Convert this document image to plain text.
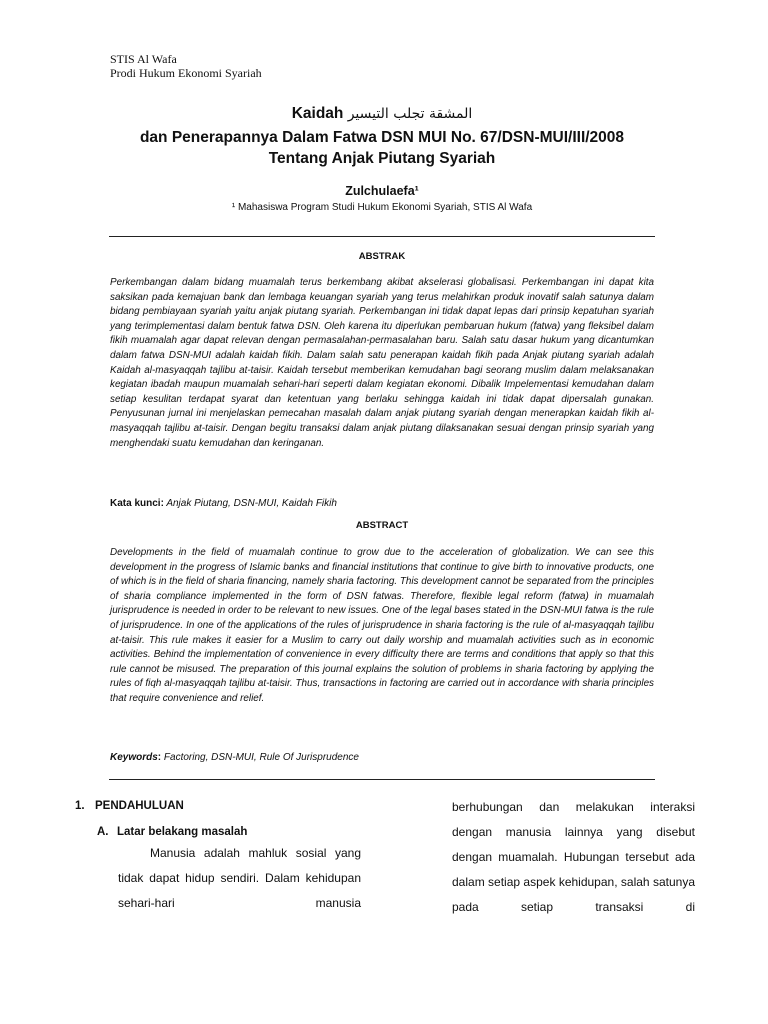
STIS Al Wafa
Prodi Hukum Ekonomi Syariah
Kaidah المشقة تجلب التيسير
dan Penerapannya Dalam Fatwa DSN MUI No. 67/DSN-MUI/III/2008
Tentang Anjak Piutang Syariah
Zulchulaefa¹
¹ Mahasiswa Program Studi Hukum Ekonomi Syariah, STIS Al Wafa
ABSTRAK
Perkembangan dalam bidang muamalah terus berkembang akibat akselerasi globalisasi. Perkembangan ini dapat kita saksikan pada kemajuan bank dan lembaga keuangan syariah yang terus melahirkan produk inovatif salah satunya dalam bidang pembiayaan syariah yaitu anjak piutang syariah. Perkembangan ini tidak dapat lepas dari prinsip kepatuhan syariah yang terimplementasi dalam bentuk fatwa DSN. Oleh karena itu diperlukan pembaruan hukum (fatwa) yang fleksibel dalam fikih muamalah agar dapat relevan dengan permasalahan-permasalahan baru. Salah satu dasar hukum yang dicantumkan dalam fatwa DSN-MUI adalah kaidah fikih. Dalam salah satu penerapan kaidah fikih pada Anjak piutang syariah adalah Kaidah al-masyaqqah tajlibu at-taisir. Kaidah tersebut memberikan kemudahan bagi seorang muslim dalam melaksanakan kegiatan ibadah maupun muamalah sehari-hari seperti dalam kegiatan ekonomi. Dibalik Impelementasi kemudahan dalam setiap kesulitan terdapat syarat dan ketentuan yang berlaku sehingga kaidah ini tidak dapat dipersalah gunakan. Penyusunan jurnal ini menjelaskan pemecahan masalah dalam anjak piutang syariah dengan menerapkan kaidah fikih al-masyaqqah tajlibu at-taisir. Dengan begitu transaksi dalam anjak piutang dilaksanakan sesuai dengan prinsip syariah yang menghendaki suatu kemudahan dan keringanan.
Kata kunci: Anjak Piutang, DSN-MUI, Kaidah Fikih
ABSTRACT
Developments in the field of muamalah continue to grow due to the acceleration of globalization. We can see this development in the progress of Islamic banks and financial institutions that continue to give birth to innovative products, one of which is in the field of sharia financing, namely sharia factoring. This development cannot be separated from the principles of sharia compliance implemented in the form of DSN fatwas. Therefore, flexible legal reform (fatwa) in muamalah jurisprudence is needed in order to be relevant to new issues. One of the legal bases stated in the DSN-MUI fatwa is the rule of jurisprudence. In one of the applications of the rules of jurisprudence in sharia factoring is the rule of al-masyaqqah tajlibu at-taisir. This rule makes it easier for a Muslim to carry out daily worship and muamalah activities such as in economic activities. Behind the implementation of convenience in every difficulty there are terms and conditions that apply so that this rule cannot be misused. The preparation of this journal explains the solution of problems in sharia factoring by applying the rules of fiqh al-masyaqqah tajlibu at-taisir. Thus, transactions in factoring are carried out in accordance with sharia principles that require convenience and relief.
Keywords: Factoring, DSN-MUI, Rule Of Jurisprudence
1. PENDAHULUAN
A. Latar belakang masalah
Manusia adalah mahluk sosial yang tidak dapat hidup sendiri. Dalam kehidupan sehari-hari manusia
berhubungan dan melakukan interaksi dengan manusia lainnya yang disebut dengan muamalah. Hubungan tersebut ada dalam setiap aspek kehidupan, salah satunya pada setiap transaksi di
